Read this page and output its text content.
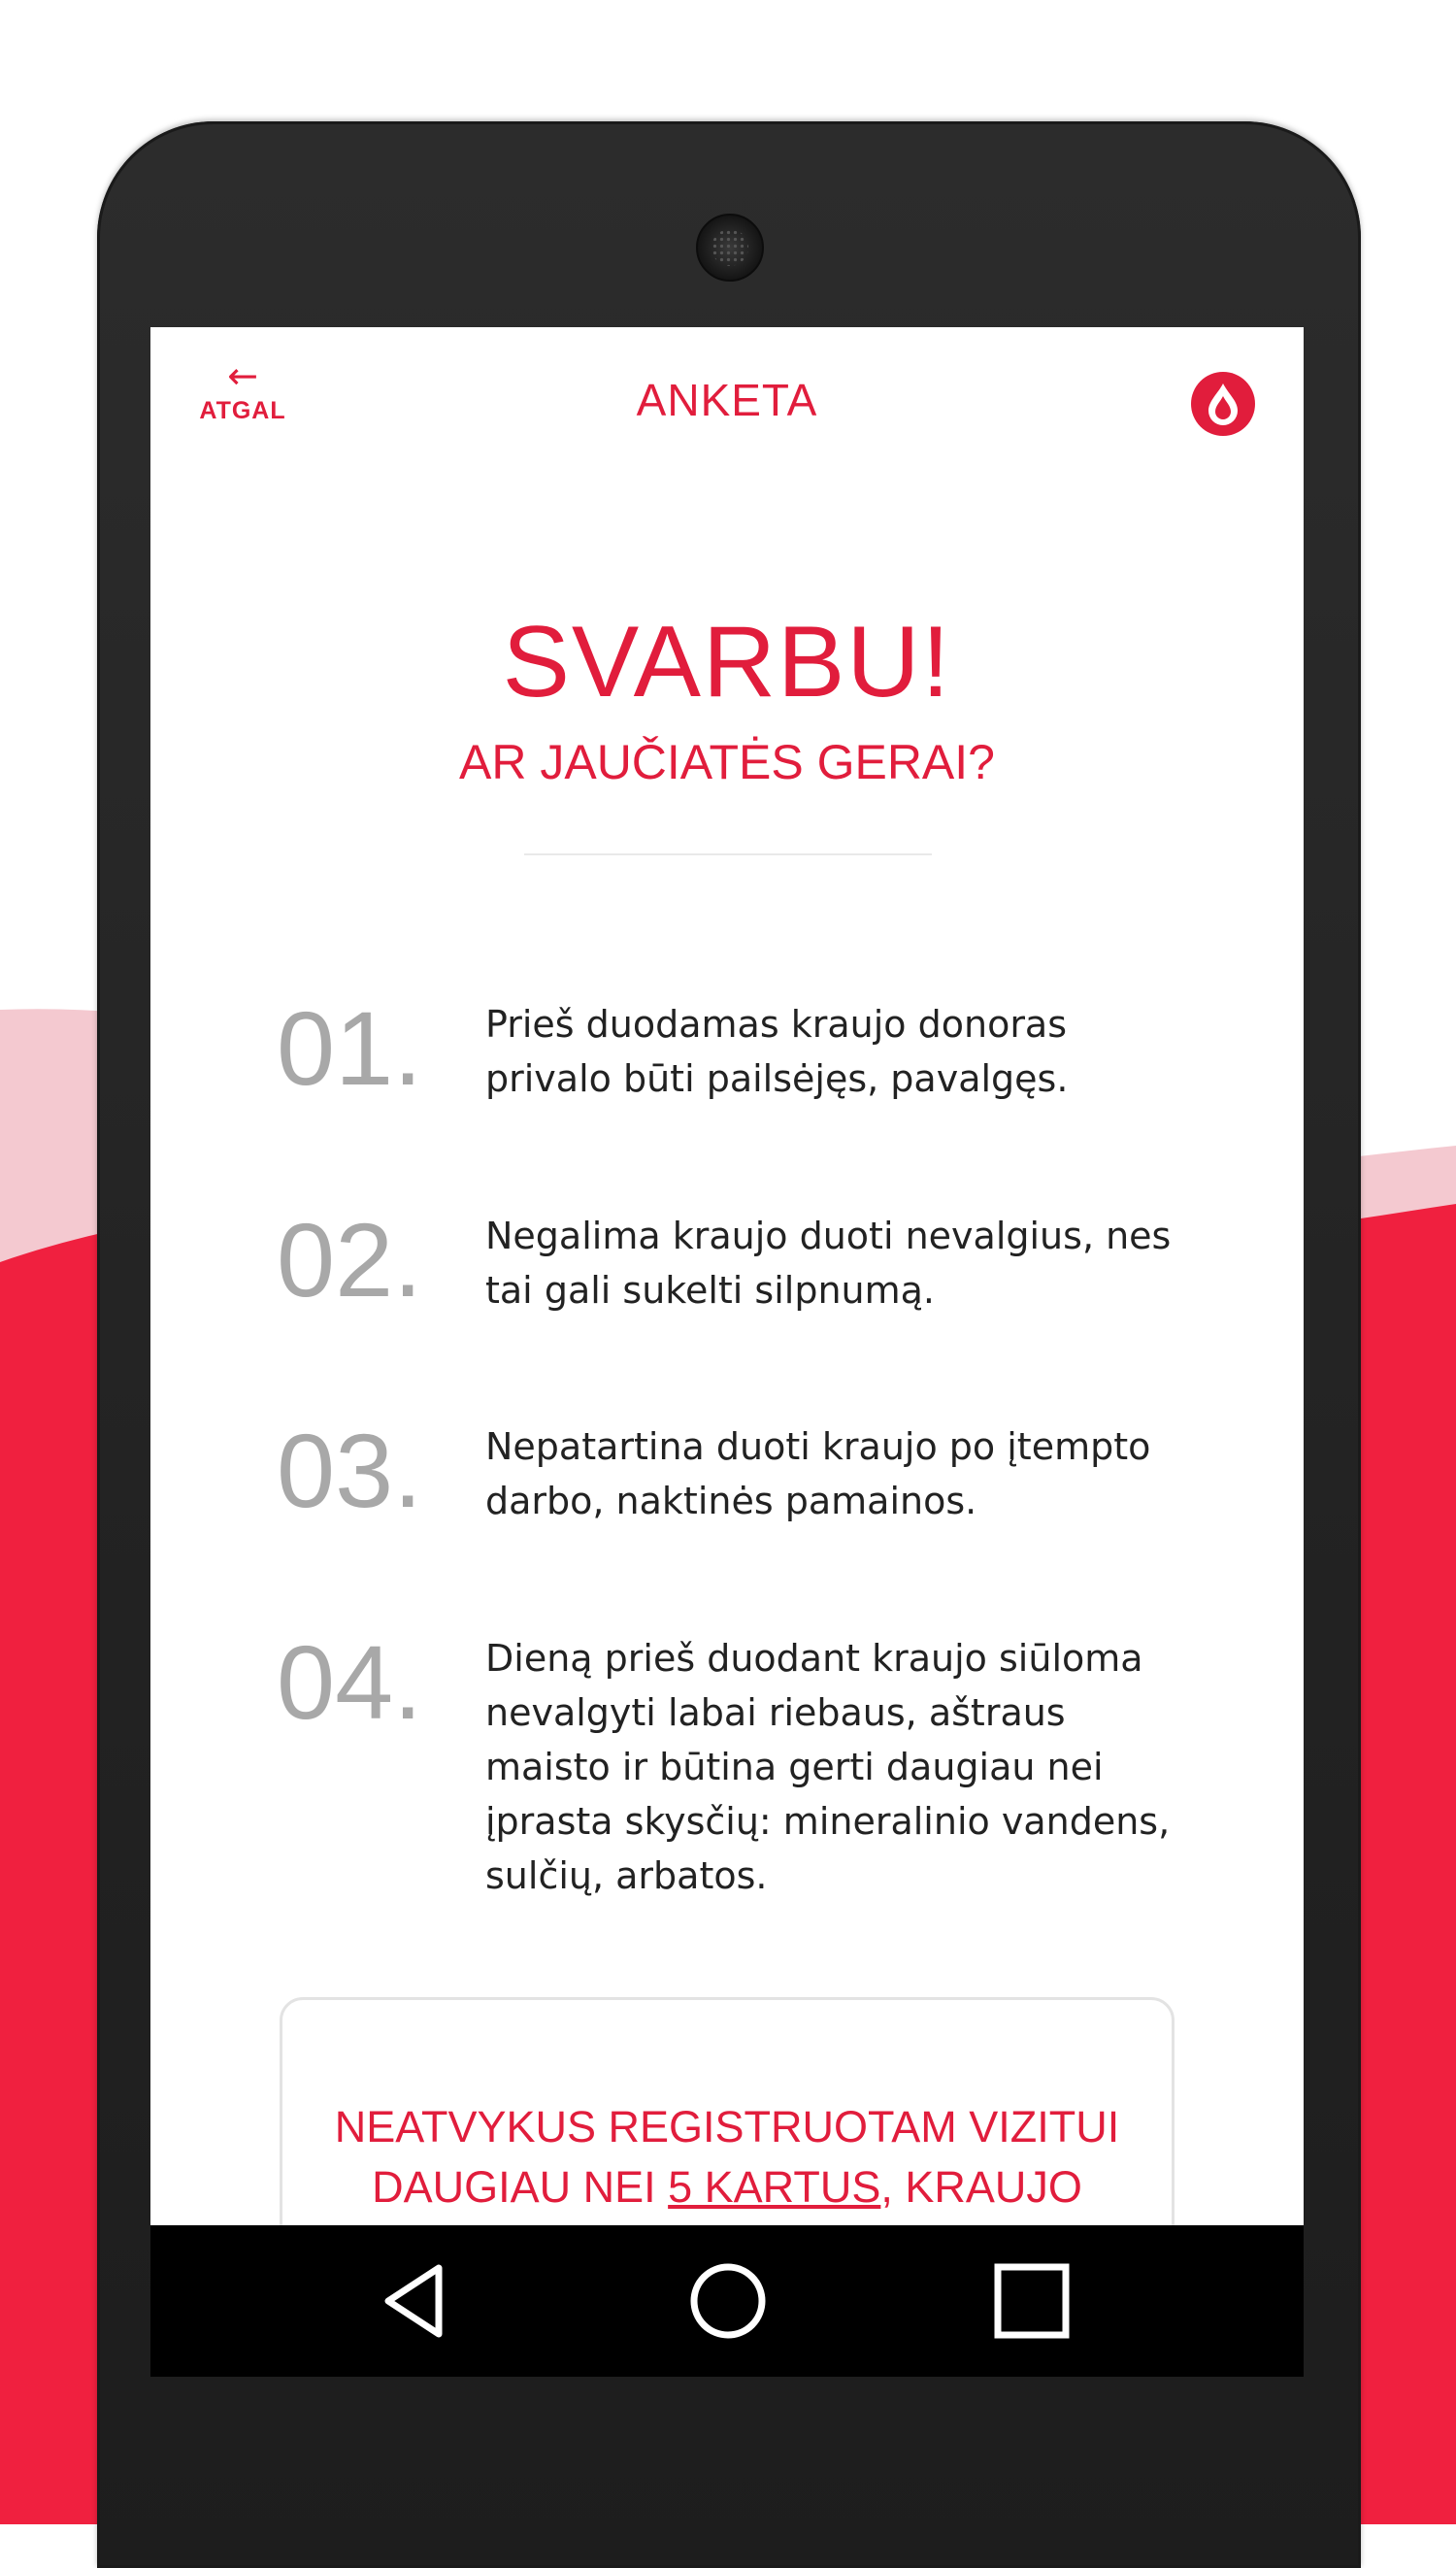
←
ATGAL	ANKETA
SVARBU!
AR JAUČIATĖS GERAI?
01. Prieš duodamas kraujo donoras privalo būti pailsėjęs, pavalgęs.
02. Negalima kraujo duoti nevalgius, nes tai gali sukelti silpnumą.
03. Nepatartina duoti kraujo po įtempto darbo, naktinės pamainos.
04. Dieną prieš duodant kraujo siūloma nevalgyti labai riebaus, aštraus maisto ir būtina gerti daugiau nei įprasta skysčių: mineralinio vandens, sulčių, arbatos.
NEATVYKUS REGISTRUOTAM VIZITUI
DAUGIAU NEI 5 KARTUS, KRAUJO
